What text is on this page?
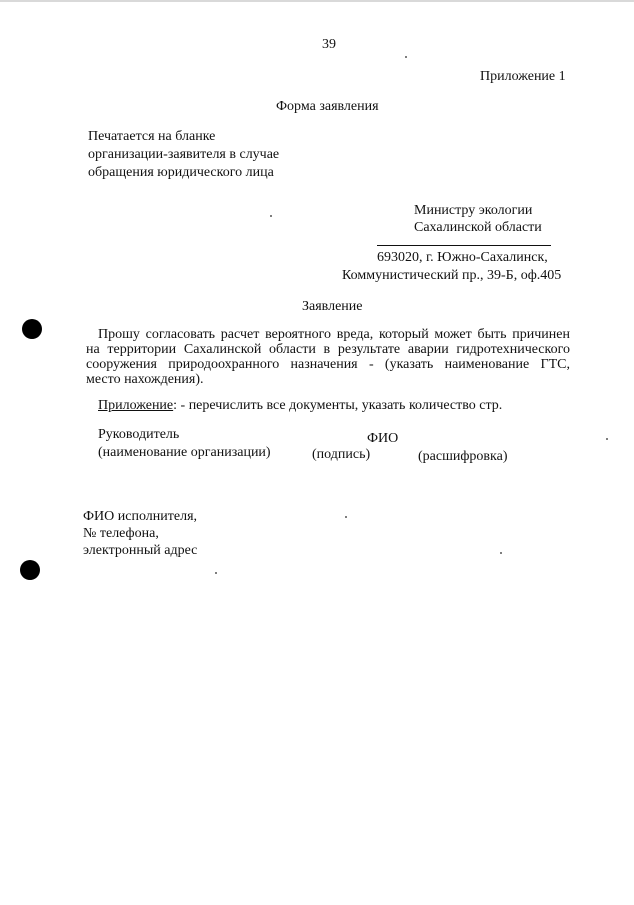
39
Приложение 1
Форма заявления
Печатается на бланке
организации-заявителя в случае
обращения юридического лица
Министру экологии
Сахалинской области
693020, г. Южно-Сахалинск,
Коммунистический пр., 39-Б, оф.405
Заявление
Прошу согласовать расчет вероятного вреда, который может быть причинен
на территории Сахалинской области в результате аварии гидротехнического
сооружения природоохранного назначения - (указать наименование ГТС,
место нахождения).
Приложение: - перечислить все документы, указать количество стр.
Руководитель	ФИО
(наименование организации)	(подпись)	(расшифровка)
ФИО исполнителя,
№ телефона,
электронный адрес
